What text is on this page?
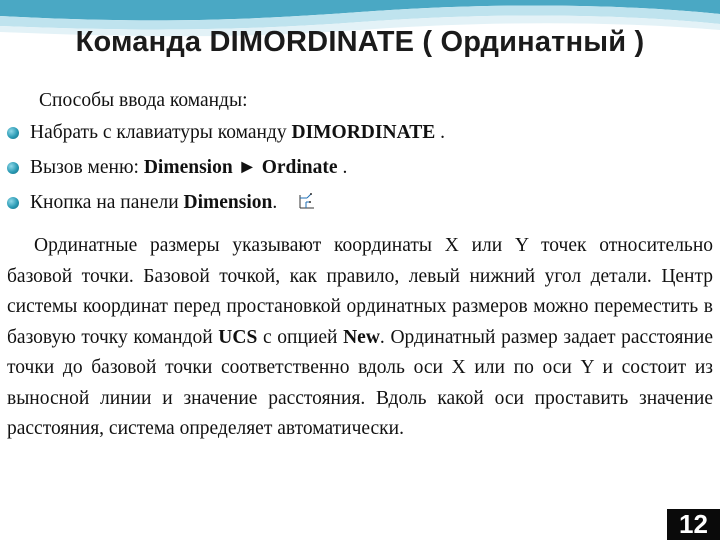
Команда DIMORDINATE ( Ординатный )
Способы ввода команды:
Набрать с клавиатуры команду DIMORDINATE .
Вызов меню: Dimension ► Ordinate .
Кнопка на панели Dimension.
Ординатные размеры указывают координаты X или Y точек относительно базовой точки. Базовой точкой, как правило, левый нижний угол детали. Центр системы координат перед простановкой ординатных размеров можно переместить в базовую точку командой UCS с опцией New. Ординатный размер задает расстояние точки до базовой точки соответственно вдоль оси X или по оси Y и состоит из выносной линии и значение расстояния. Вдоль какой оси проставить значение расстояния, система определяет автоматически.
12
